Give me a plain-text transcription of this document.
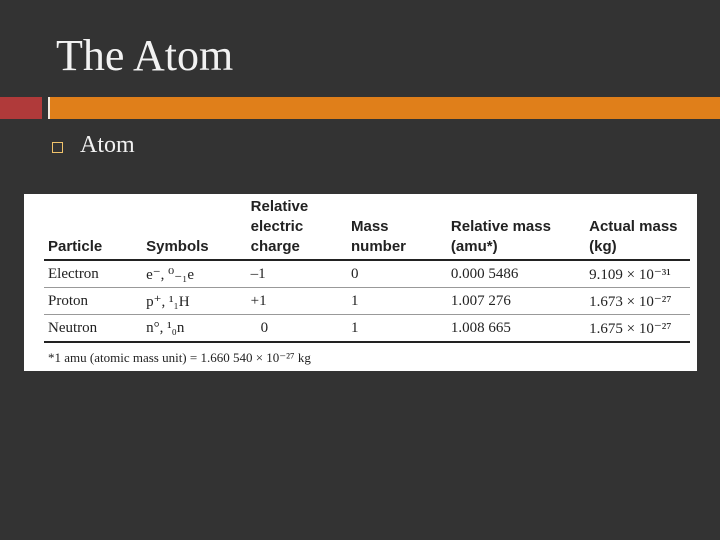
The Atom
Atom
Particle	Symbols	Relative electric charge	Mass number	Relative mass (amu*)	Actual mass (kg)
Electron	e⁻, ⁰₋₁e	–1	0	0.000 5486	9.109 × 10⁻³¹
Proton	p⁺, ¹₁H	+1	1	1.007 276	1.673 × 10⁻²⁷
Neutron	n°, ¹₀n	0	1	1.008 665	1.675 × 10⁻²⁷
*1 amu (atomic mass unit) = 1.660 540 × 10⁻²⁷ kg
